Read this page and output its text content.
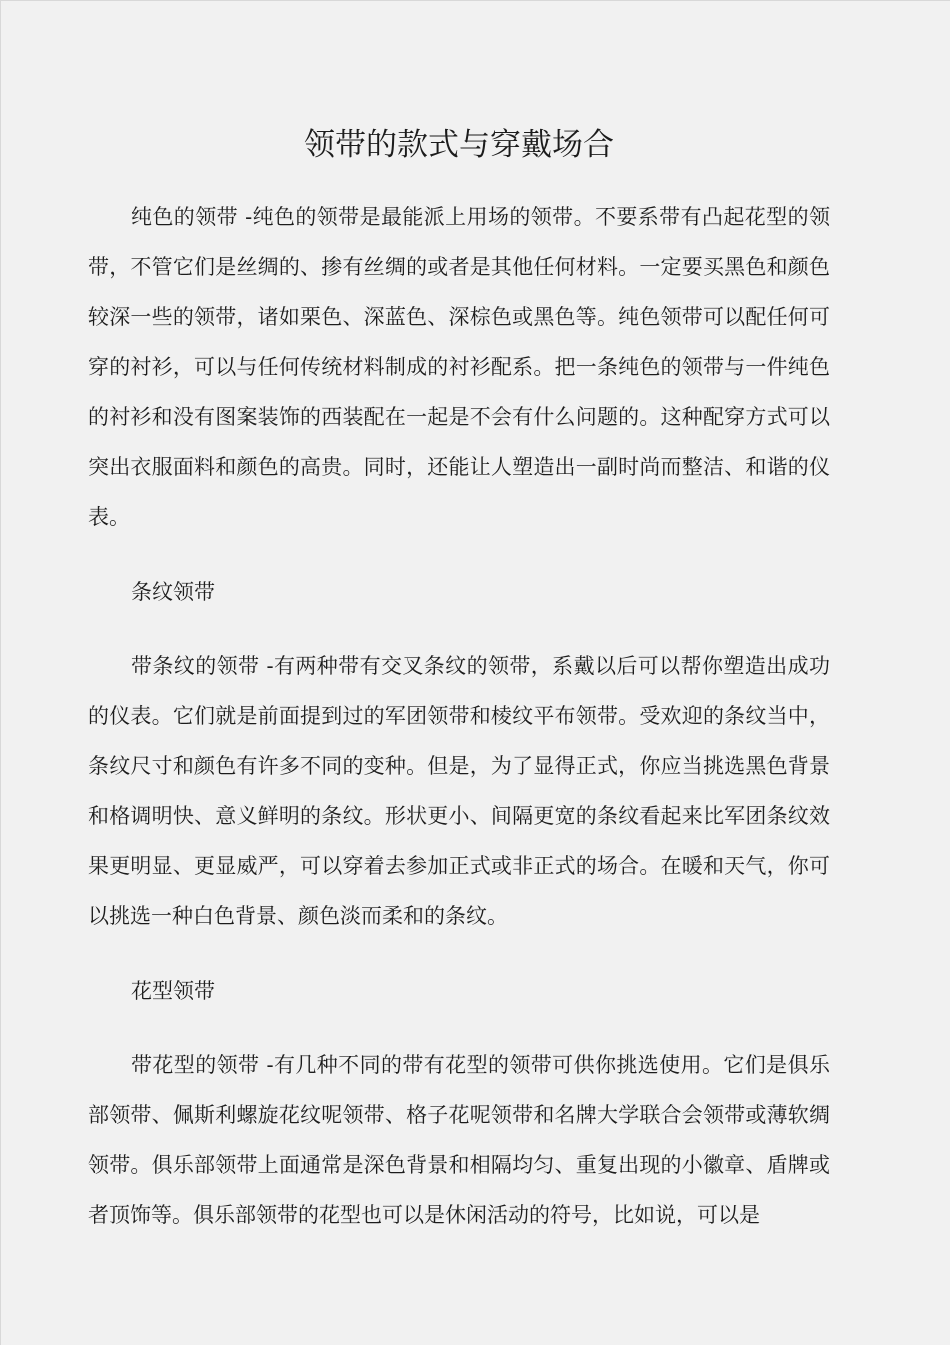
领带的款式与穿戴场合

纯色的领带 -纯色的领带是最能派上用场的领带。不要系带有凸起花型的领带，不管它们是丝绸的、掺有丝绸的或者是其他任何材料。一定要买黑色和颜色较深一些的领带，诸如栗色、深蓝色、深棕色或黑色等。纯色领带可以配任何可穿的衬衫，可以与任何传统材料制成的衬衫配系。把一条纯色的领带与一件纯色的衬衫和没有图案装饰的西装配在一起是不会有什么问题的。这种配穿方式可以突出衣服面料和颜色的高贵。同时，还能让人塑造出一副时尚而整洁、和谐的仪表。

条纹领带

带条纹的领带 -有两种带有交叉条纹的领带，系戴以后可以帮你塑造出成功的仪表。它们就是前面提到过的军团领带和棱纹平布领带。受欢迎的条纹当中，条纹尺寸和颜色有许多不同的变种。但是，为了显得正式，你应当挑选黑色背景和格调明快、意义鲜明的条纹。形状更小、间隔更宽的条纹看起来比军团条纹效果更明显、更显威严，可以穿着去参加正式或非正式的场合。在暖和天气，你可以挑选一种白色背景、颜色淡而柔和的条纹。

花型领带

带花型的领带 -有几种不同的带有花型的领带可供你挑选使用。它们是俱乐部领带、佩斯利螺旋花纹呢领带、格子花呢领带和名牌大学联合会领带或薄软绸领带。俱乐部领带上面通常是深色背景和相隔均匀、重复出现的小徽章、盾牌或者顶饰等。俱乐部领带的花型也可以是休闲活动的符号，比如说，可以是
